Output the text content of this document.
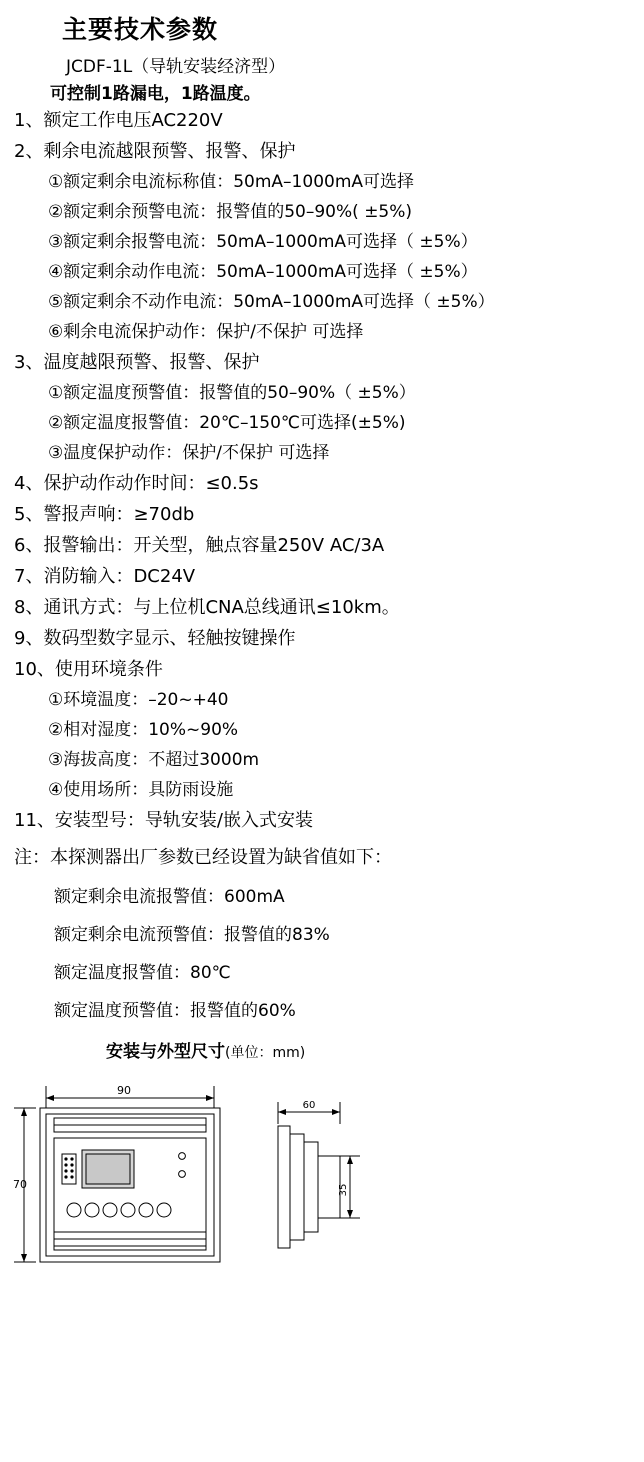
主要技术参数
JCDF-1L（导轨安装经济型）
可控制1路漏电，1路温度。
1、额定工作电压AC220V
2、剩余电流越限预警、报警、保护
①额定剩余电流标称值：50mA–1000mA可选择
②额定剩余预警电流：报警值的50–90%( ±5%)
③额定剩余报警电流：50mA–1000mA可选择（ ±5%）
④额定剩余动作电流：50mA–1000mA可选择（ ±5%）
⑤额定剩余不动作电流：50mA–1000mA可选择（ ±5%）
⑥剩余电流保护动作：保护/不保护 可选择
3、温度越限预警、报警、保护
①额定温度预警值：报警值的50–90%（ ±5%）
②额定温度报警值：20℃–150℃可选择(±5%)
③温度保护动作：保护/不保护 可选择
4、保护动作动作时间：≤0.5s
5、警报声响：≥70db
6、报警输出：开关型，触点容量250V AC/3A
7、消防输入：DC24V
8、通讯方式：与上位机CNA总线通讯≤10km。
9、数码型数字显示、轻触按键操作
10、使用环境条件
①环境温度：–20~+40
②相对湿度：10%~90%
③海拔高度：不超过3000m
④使用场所：具防雨设施
11、安装型号：导轨安装/嵌入式安装
注：本探测器出厂参数已经设置为缺省值如下：
额定剩余电流报警值：600mA
额定剩余电流预警值：报警值的83%
额定温度报警值：80℃
额定温度预警值：报警值的60%
安装与外型尺寸(单位：mm)
90
60
70	35
